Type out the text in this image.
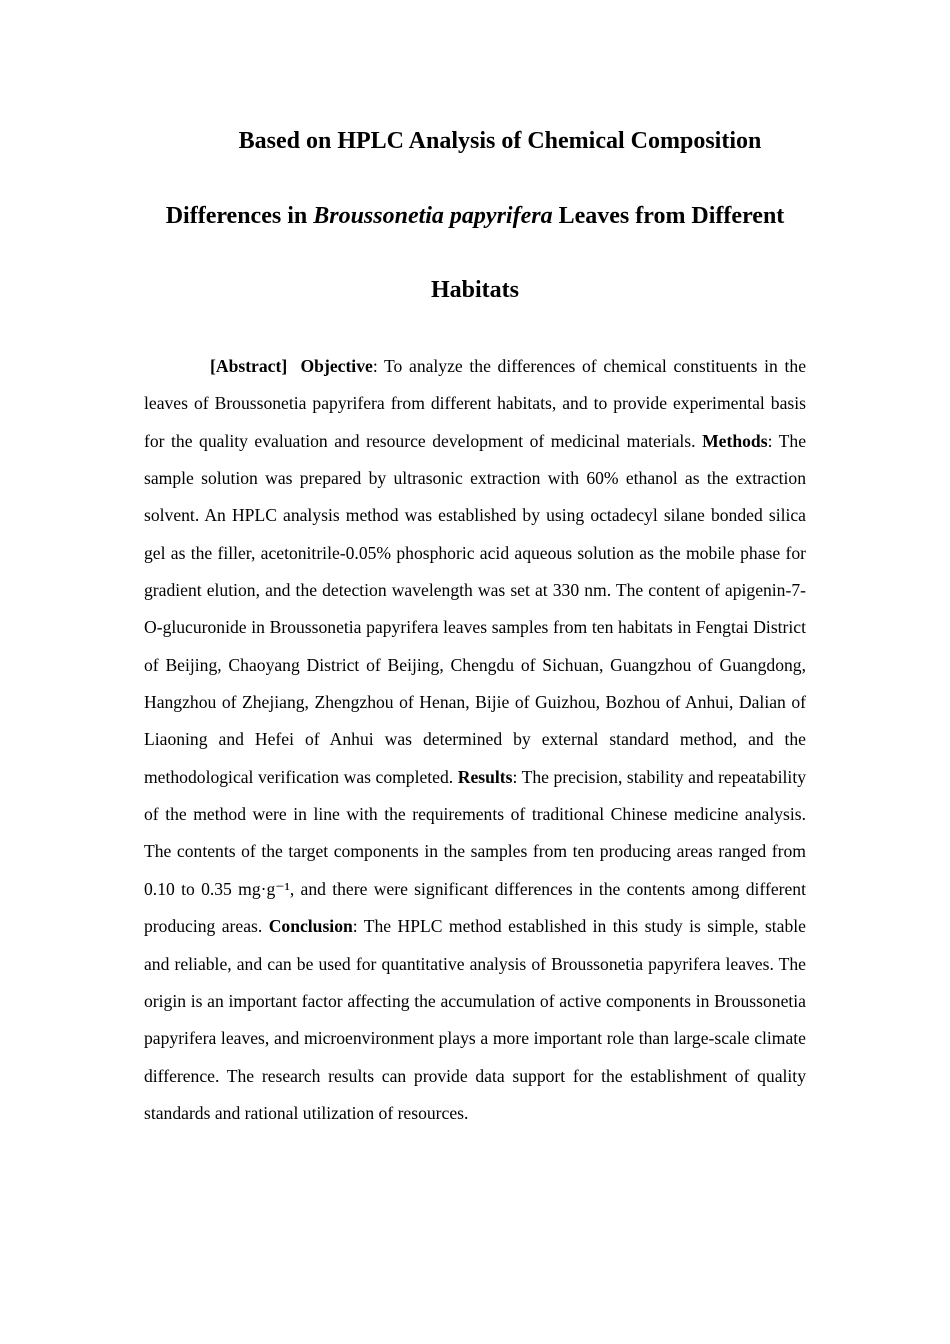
Based on HPLC Analysis of Chemical Composition
Differences in Broussonetia papyrifera Leaves from Different
Habitats
[Abstract] Objective: To analyze the differences of chemical constituents in the leaves of Broussonetia papyrifera from different habitats, and to provide experimental basis for the quality evaluation and resource development of medicinal materials. Methods: The sample solution was prepared by ultrasonic extraction with 60% ethanol as the extraction solvent. An HPLC analysis method was established by using octadecyl silane bonded silica gel as the filler, acetonitrile-0.05% phosphoric acid aqueous solution as the mobile phase for gradient elution, and the detection wavelength was set at 330 nm. The content of apigenin-7-O-glucuronide in Broussonetia papyrifera leaves samples from ten habitats in Fengtai District of Beijing, Chaoyang District of Beijing, Chengdu of Sichuan, Guangzhou of Guangdong, Hangzhou of Zhejiang, Zhengzhou of Henan, Bijie of Guizhou, Bozhou of Anhui, Dalian of Liaoning and Hefei of Anhui was determined by external standard method, and the methodological verification was completed. Results: The precision, stability and repeatability of the method were in line with the requirements of traditional Chinese medicine analysis. The contents of the target components in the samples from ten producing areas ranged from 0.10 to 0.35 mg·g⁻¹, and there were significant differences in the contents among different producing areas. Conclusion: The HPLC method established in this study is simple, stable and reliable, and can be used for quantitative analysis of Broussonetia papyrifera leaves. The origin is an important factor affecting the accumulation of active components in Broussonetia papyrifera leaves, and microenvironment plays a more important role than large-scale climate difference. The research results can provide data support for the establishment of quality standards and rational utilization of resources.
